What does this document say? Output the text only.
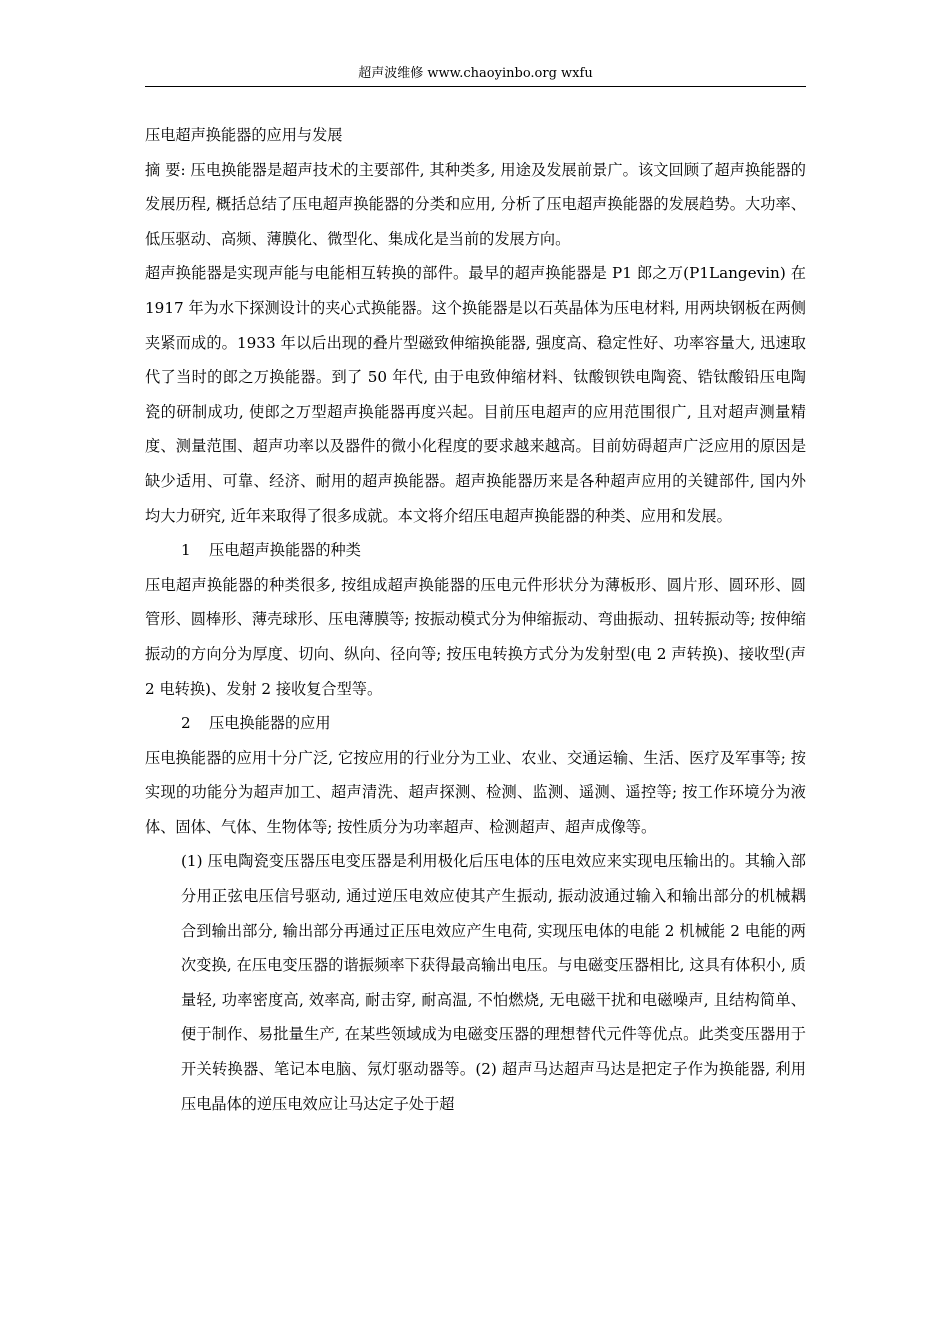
超声波维修 www.chaoyinbo.org wxfu

压电超声换能器的应用与发展

摘 要: 压电换能器是超声技术的主要部件, 其种类多, 用途及发展前景广。该文回顾了超声换能器的发展历程, 概括总结了压电超声换能器的分类和应用, 分析了压电超声换能器的发展趋势。大功率、低压驱动、高频、薄膜化、微型化、集成化是当前的发展方向。

超声换能器是实现声能与电能相互转换的部件。最早的超声换能器是 P1 郎之万(P1Langevin) 在 1917 年为水下探测设计的夹心式换能器。这个换能器是以石英晶体为压电材料, 用两块钢板在两侧夹紧而成的。1933 年以后出现的叠片型磁致伸缩换能器, 强度高、稳定性好、功率容量大, 迅速取代了当时的郎之万换能器。到了 50 年代, 由于电致伸缩材料、钛酸钡铁电陶瓷、锆钛酸铅压电陶瓷的研制成功, 使郎之万型超声换能器再度兴起。目前压电超声的应用范围很广, 且对超声测量精度、测量范围、超声功率以及器件的微小化程度的要求越来越高。目前妨碍超声广泛应用的原因是缺少适用、可靠、经济、耐用的超声换能器。超声换能器历来是各种超声应用的关键部件, 国内外均大力研究, 近年来取得了很多成就。本文将介绍压电超声换能器的种类、应用和发展。

1 压电超声换能器的种类

压电超声换能器的种类很多, 按组成超声换能器的压电元件形状分为薄板形、圆片形、圆环形、圆管形、圆棒形、薄壳球形、压电薄膜等; 按振动模式分为伸缩振动、弯曲振动、扭转振动等; 按伸缩振动的方向分为厚度、切向、纵向、径向等; 按压电转换方式分为发射型(电 2 声转换)、接收型(声 2 电转换)、发射 2 接收复合型等。

2 压电换能器的应用

压电换能器的应用十分广泛, 它按应用的行业分为工业、农业、交通运输、生活、医疗及军事等; 按实现的功能分为超声加工、超声清洗、超声探测、检测、监测、遥测、遥控等; 按工作环境分为液体、固体、气体、生物体等; 按性质分为功率超声、检测超声、超声成像等。

(1) 压电陶瓷变压器压电变压器是利用极化后压电体的压电效应来实现电压输出的。其输入部分用正弦电压信号驱动, 通过逆压电效应使其产生振动, 振动波通过输入和输出部分的机械耦合到输出部分, 输出部分再通过正压电效应产生电荷, 实现压电体的电能 2 机械能 2 电能的两次变换, 在压电变压器的谐振频率下获得最高输出电压。与电磁变压器相比, 这具有体积小, 质量轻, 功率密度高, 效率高, 耐击穿, 耐高温, 不怕燃烧, 无电磁干扰和电磁噪声, 且结构简单、便于制作、易批量生产, 在某些领域成为电磁变压器的理想替代元件等优点。此类变压器用于开关转换器、笔记本电脑、氖灯驱动器等。(2) 超声马达超声马达是把定子作为换能器, 利用压电晶体的逆压电效应让马达定子处于超
